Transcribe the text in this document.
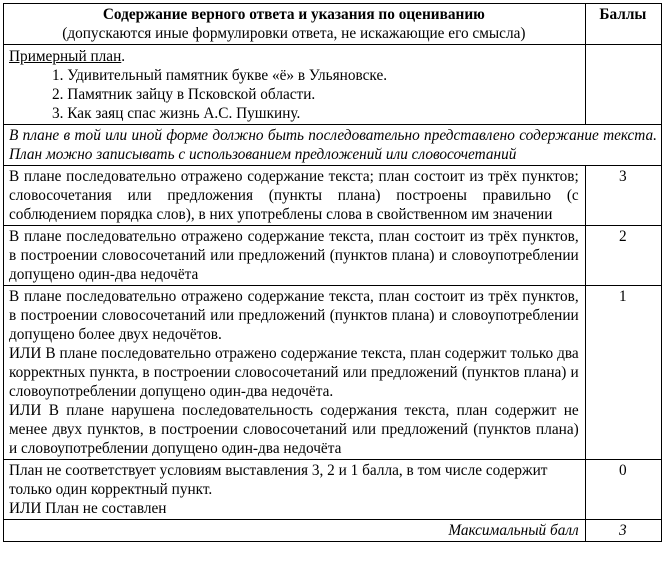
Содержание верного ответа и указания по оцениванию
(допускаются иные формулировки ответа, не искажающие его смысла)	Баллы

Примерный план.
1. Удивительный памятник букве «ё» в Ульяновске.
2. Памятник зайцу в Псковской области.
3. Как заяц спас жизнь А.С. Пушкину.

В плане в той или иной форме должно быть последовательно представлено содержание текста. План можно записывать с использованием предложений или словосочетаний	

В плане последовательно отражено содержание текста; план состоит из трёх пунктов; словосочетания или предложения (пункты плана) построены правильно (с соблюдением порядка слов), в них употреблены слова в свойственном им значении	3

В плане последовательно отражено содержание текста, план состоит из трёх пунктов, в построении словосочетаний или предложений (пунктов плана) и словоупотреблении допущено один-два недочёта	2

В плане последовательно отражено содержание текста, план состоит из трёх пунктов, в построении словосочетаний или предложений (пунктов плана) и словоупотреблении допущено более двух недочётов.
ИЛИ В плане последовательно отражено содержание текста, план содержит только два корректных пункта, в построении словосочетаний или предложений (пунктов плана) и словоупотреблении допущено один-два недочёта.
ИЛИ В плане нарушена последовательность содержания текста, план содержит не менее двух пунктов, в построении словосочетаний или предложений (пунктов плана) и словоупотреблении допущено один-два недочёта	1

План не соответствует условиям выставления 3, 2 и 1 балла, в том числе содержит только один корректный пункт.
ИЛИ План не составлен	0
Максимальный балл	3
